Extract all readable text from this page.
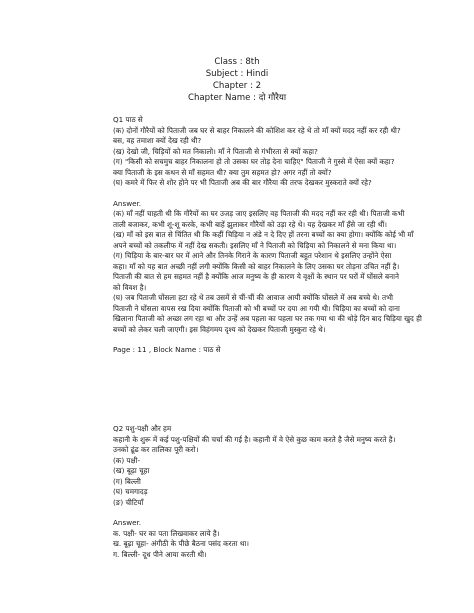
Class : 8th
Subject : Hindi
Chapter : 2
Chapter Name : दो गौरैया
Q1 पाठ से
(क) दोनों गौरैयों को पिताजी जब घर से बाहर निकालने की कोशिश कर रहे थे तो माँ क्यों मदद नहीं कर रही थी?
बस, वह तमाशा क्यों देख रही थी?
(ख) देखो जी, चिड़ियों को मत निकालो। माँ ने पिताजी से गंभीरता से क्यों कहा?
(ग) "किसी को सचमुच बाहर निकालना हो तो उसका घर तोड़ देना चाहिए" पिताजी ने गुस्से में ऐसा क्यों कहा?
क्या पिताजी के इस कथन से माँ सहमत थी? क्या तुम सहमत हो? अगर नहीं तो क्यों?
(घ) कमरे में फिर से शोर होने पर भी पिताजी अब की बार गौरैया की तरफ देखकर मुस्कराते क्यों रहे?
Answer.
(क) माँ नहीं चाहती थी कि गौरैयों का घर उजड़ जाए इसलिए वह पिताजी की मदद नहीं कर रही थी। पिताजी कभी
ताली बजाकर, कभी शू-शू करके, कभी बाहें झुलाकर गौरैयों को उड़ा रहे थे। यह देखकर माँ हँसे जा रही थीं।
(ख) माँ को इस बात से चिंतित थी कि कहीं चिड़िया न अंडे न दे दिए हों तरना बच्चों का क्या होगा। क्योंकि कोई भी माँ
अपने बच्चों को तकलीफ में नहीं देख सकती। इसलिए माँ ने पिताजी को चिड़िया को निकालने से मना किया था।
(ग) चिड़िया के बार-बार घर में आने और तिनके गिराने के कारण पिताजी बहुत परेशान थे इसलिए उन्होंने ऐसा
कहा। माँ को यह बात अच्छी नहीं लगी क्योंकि किसी को बाहर निकालने के लिए उसका घर तोड़ना उचित नहीं है।
पिताजी की बात से हम सहमत नहीं है क्योंकि आज मनुष्य के ही कारण ये वृक्षों के स्थान पर घरों में घोंसले बनाने
को विवश है।
(घ) जब पिताजी घोंसला हटा रहे थे तब उसमें से चीं-चीं की आवाज आयी क्योंकि घोंसले में अब बच्चे थे। तभी
पिताजी ने घोंसला वापस रख दिया क्योंकि पिताजी को भी बच्चों पर दया आ गयी थी। चिड़िया का बच्चों को दाना
खिलाना पिताजी को अच्छा लग रहा था और उन्हें अब पहला का पहला घर तक गया था की थोड़े दिन बाद चिड़िया खुद ही
बच्चों को लेकर चली जाएगी। इस विहंगमय दृश्य को देखकर पिताजी मुस्कुरा रहे थे।
Page : 11 , Block Name : पाठ से
Q2 पशु-पक्षी और हम
कहानी के शुरू में कई पशु-पक्षियों की चर्चा की गई है। कहानी में वे ऐसे कुछ काम करते है जैसे मनुष्य करते है।
उनको ढूंढ कर तालिका पूरी करो।
(क) पक्षी-
(ख) बूढ़ा चूहा
(ग) बिल्ली
(घ) चमगादड़
(ङ) चीटियाँ
Answer.
क. पक्षी- घर का पता लिखवाकर लाये है।
ख. बूढ़ा चूहा- अंगीठी के पीछे बैठना पसंद करता था।
ग. बिल्ली- दूध पीने आया करती थी।
